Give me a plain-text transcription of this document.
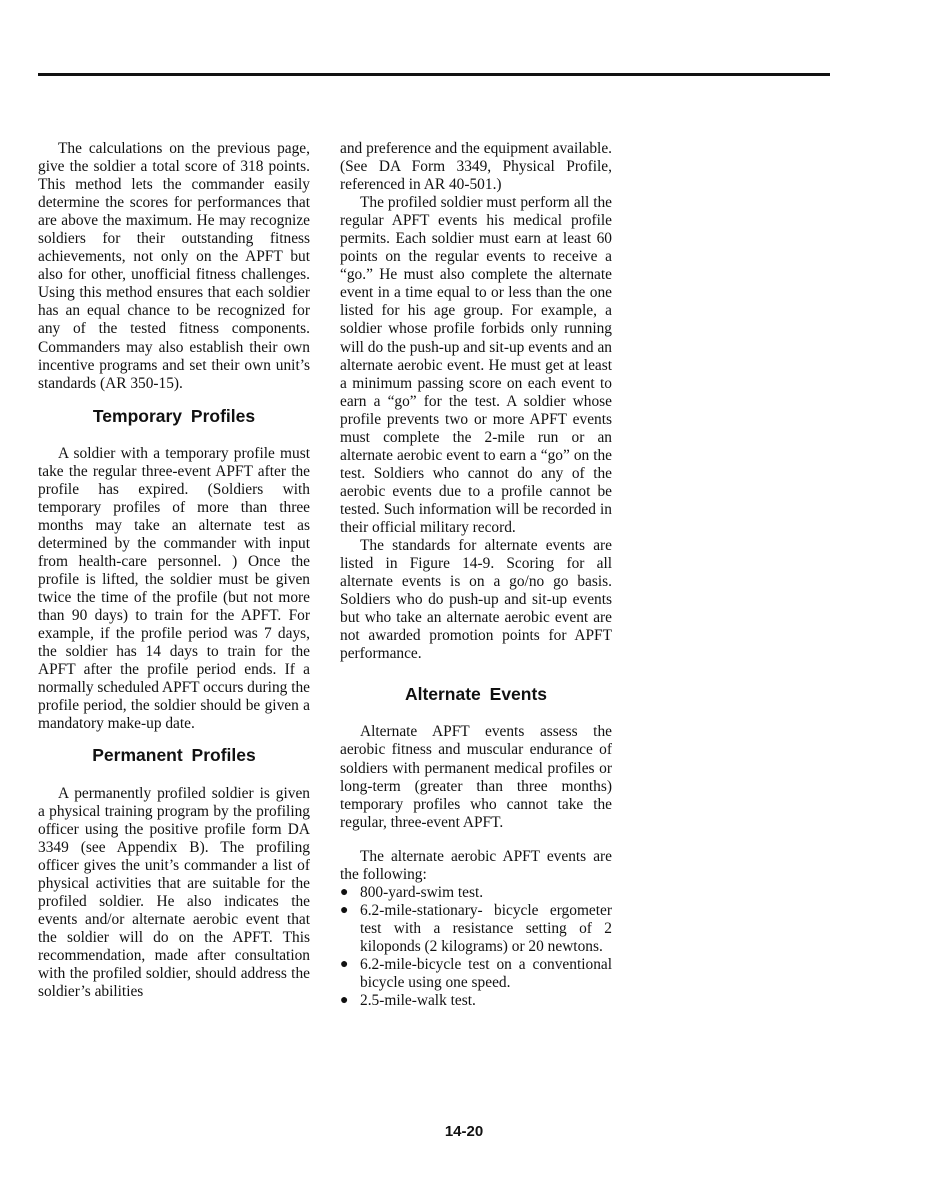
The calculations on the previous page, give the soldier a total score of 318 points. This method lets the commander easily determine the scores for performances that are above the maximum. He may recognize soldiers for their outstanding fitness achievements, not only on the APFT but also for other, unofficial fitness challenges. Using this method ensures that each soldier has an equal chance to be recognized for any of the tested fitness components. Commanders may also establish their own incentive programs and set their own unit’s standards (AR 350-15).

Temporary Profiles

A soldier with a temporary profile must take the regular three-event APFT after the profile has expired. (Soldiers with temporary profiles of more than three months may take an alternate test as determined by the commander with input from health-care personnel. ) Once the profile is lifted, the soldier must be given twice the time of the profile (but not more than 90 days) to train for the APFT. For example, if the profile period was 7 days, the soldier has 14 days to train for the APFT after the profile period ends. If a normally scheduled APFT occurs during the profile period, the soldier should be given a mandatory make-up date.

Permanent Profiles

A permanently profiled soldier is given a physical training program by the profiling officer using the positive profile form DA 3349 (see Appendix B). The profiling officer gives the unit’s commander a list of physical activities that are suitable for the profiled soldier. He also indicates the events and/or alternate aerobic event that the soldier will do on the APFT. This recommendation, made after consultation with the profiled soldier, should address the soldier’s abilities

and preference and the equipment available. (See DA Form 3349, Physical Profile, referenced in AR 40-501.)

The profiled soldier must perform all the regular APFT events his medical profile permits. Each soldier must earn at least 60 points on the regular events to receive a “go.” He must also complete the alternate event in a time equal to or less than the one listed for his age group. For example, a soldier whose profile forbids only running will do the push-up and sit-up events and an alternate aerobic event. He must get at least a minimum passing score on each event to earn a “go” for the test. A soldier whose profile prevents two or more APFT events must complete the 2-mile run or an alternate aerobic event to earn a “go” on the test. Soldiers who cannot do any of the aerobic events due to a profile cannot be tested. Such information will be recorded in their official military record.

The standards for alternate events are listed in Figure 14-9. Scoring for all alternate events is on a go/no go basis. Soldiers who do push-up and sit-up events but who take an alternate aerobic event are not awarded promotion points for APFT performance.

Alternate Events

Alternate APFT events assess the aerobic fitness and muscular endurance of soldiers with permanent medical profiles or long-term (greater than three months) temporary profiles who cannot take the regular, three-event APFT.

The alternate aerobic APFT events are the following:

● 800-yard-swim test.
● 6.2-mile-stationary- bicycle ergometer test with a resistance setting of 2 kiloponds (2 kilograms) or 20 newtons.
● 6.2-mile-bicycle test on a conventional bicycle using one speed.
● 2.5-mile-walk test.
14-20
